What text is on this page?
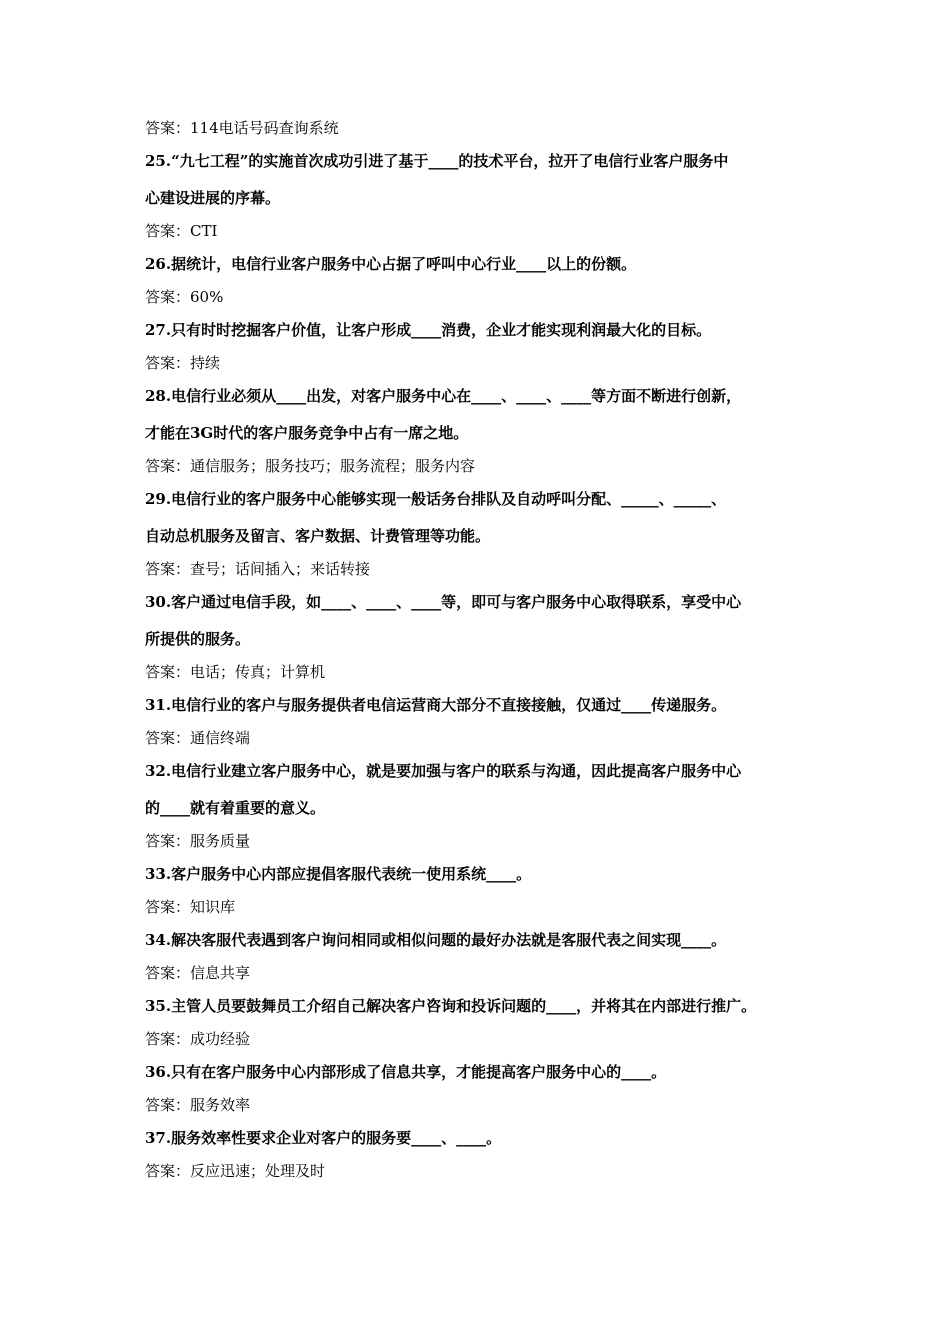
答案：114电话号码查询系统
25.“九七工程”的实施首次成功引进了基于____的技术平台，拉开了电信行业客户服务中
心建设进展的序幕。
答案：CTI
26.据统计，电信行业客户服务中心占据了呼叫中心行业____以上的份额。
答案：60%
27.只有时时挖掘客户价值，让客户形成____消费，企业才能实现利润最大化的目标。
答案：持续
28.电信行业必须从____出发，对客户服务中心在____、____、____等方面不断进行创新，
才能在3G时代的客户服务竞争中占有一席之地。
答案：通信服务；服务技巧；服务流程；服务内容
29.电信行业的客户服务中心能够实现一般话务台排队及自动呼叫分配、_____、_____、
自动总机服务及留言、客户数据、计费管理等功能。
答案：查号；话间插入；来话转接
30.客户通过电信手段，如____、____、____等，即可与客户服务中心取得联系，享受中心
所提供的服务。
答案：电话；传真；计算机
31.电信行业的客户与服务提供者电信运营商大部分不直接接触，仅通过____传递服务。
答案：通信终端
32.电信行业建立客户服务中心，就是要加强与客户的联系与沟通，因此提高客户服务中心
的____就有着重要的意义。
答案：服务质量
33.客户服务中心内部应提倡客服代表统一使用系统____。
答案：知识库
34.解决客服代表遇到客户询问相同或相似问题的最好办法就是客服代表之间实现____。
答案：信息共享
35.主管人员要鼓舞员工介绍自己解决客户咨询和投诉问题的____，并将其在内部进行推广。
答案：成功经验
36.只有在客户服务中心内部形成了信息共享，才能提高客户服务中心的____。
答案：服务效率
37.服务效率性要求企业对客户的服务要____、____。
答案：反应迅速；处理及时
